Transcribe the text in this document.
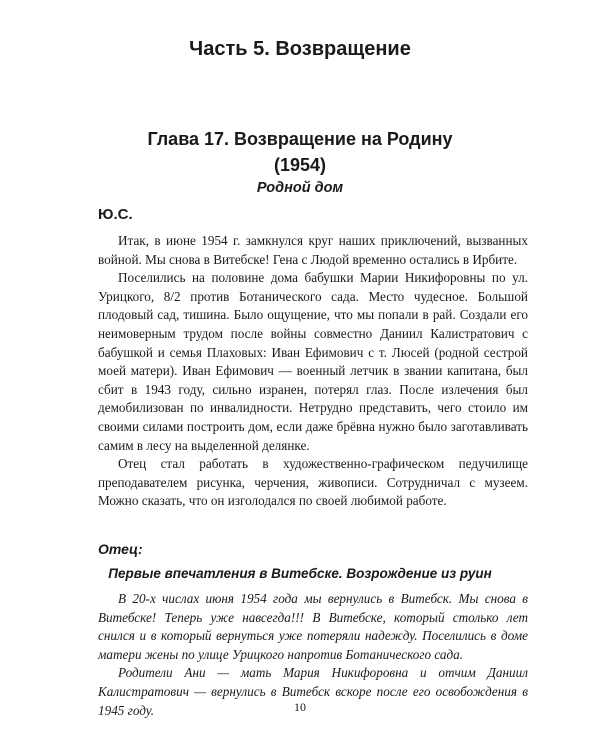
Часть 5. Возвращение
Глава 17. Возвращение на Родину
(1954)
Родной дом
Ю.С.

Итак, в июне 1954 г. замкнулся круг наших приключений, вызванных войной. Мы снова в Витебске! Гена с Людой временно остались в Ирбите.

Поселились на половине дома бабушки Марии Никифоровны по ул. Урицкого, 8/2 против Ботанического сада. Место чудесное. Большой плодовый сад, тишина. Было ощущение, что мы попали в рай. Создали его неимоверным трудом после войны совместно Даниил Калистратович с бабушкой и семья Плаховых: Иван Ефимович с т. Люсей (родной сестрой моей матери). Иван Ефимович — военный летчик в звании капитана, был сбит в 1943 году, сильно изранен, потерял глаз. После излечения был демобилизован по инвалидности. Нетрудно представить, чего стоило им своими силами построить дом, если даже брёвна нужно было заготавливать самим в лесу на выделенной делянке.

Отец стал работать в художественно-графическом педучилище преподавателем рисунка, черчения, живописи. Сотрудничал с музеем. Можно сказать, что он изголодался по своей любимой работе.

Отец:
Первые впечатления в Витебске. Возрождение из руин

В 20-х числах июня 1954 года мы вернулись в Витебск. Мы снова в Витебске! Теперь уже навсегда!!! В Витебске, который столько лет снился и в который вернуться уже потеряли надежду. Поселились в доме матери жены по улице Урицкого напротив Ботанического сада.

Родители Ани — мать Мария Никифоровна и отчим Даниил Калистратович — вернулись в Витебск вскоре после его освобождения в 1945 году.	10
